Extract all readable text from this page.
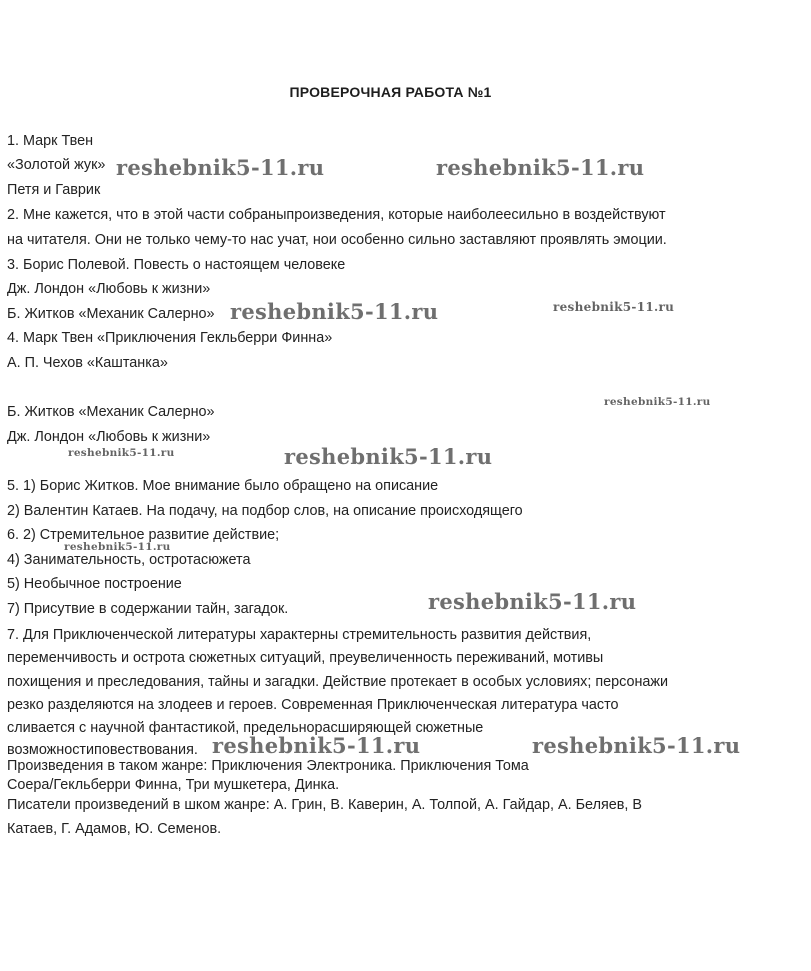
ПРОВЕРОЧНАЯ РАБОТА №1
1. Марк Твен
«Золотой жук»
Петя и Гаврик
2. Мне кажется, что в этой части собраныпроизведения, которые наиболеесильно в воздействуют
на читателя. Они не только чему-то нас учат, нои особенно сильно заставляют проявлять эмоции.
3. Борис Полевой. Повесть о настоящем человеке
Дж. Лондон «Любовь к жизни»
Б. Житков «Механик Салерно»
4. Марк Твен «Приключения Гекльберри Финна»
А. П. Чехов «Каштанка»
Б. Житков «Механик Салерно»
Дж. Лондон «Любовь к жизни»
5. 1) Борис Житков. Мое внимание было обращено на описание
2) Валентин Катаев. На подачу, на подбор слов, на описание происходящего
6. 2) Стремительное развитие действие;
4) Занимательность, остротасюжета
5) Необычное построение
7) Присутвие в содержании тайн, загадок.
7. Для Приключенческой литературы характерны стремительность развития действия,
переменчивость и острота сюжетных ситуаций, преувеличенность переживаний, мотивы
похищения и преследования, тайны и загадки. Действие протекает в особых условиях; персонажи
резко разделяются на злодеев и героев. Современная Приключенческая литература часто
сливается с научной фантастикой, предельнорасширяющей сюжетные
возможностиповествования.
Произведения в таком жанре: Приключения Электроника. Приключения Тома
Соера/Гекльберри Финна, Три мушкетера, Динка.
Писатели произведений в шком жанре: А. Грин, В. Каверин, А. Толпой, А. Гайдар, А. Беляев, В
Катаев, Г. Адамов, Ю. Семенов.
reshebnik5-11.ru	reshebnik5-11.ru
reshebnik5-11.ru	reshebnik5-11.ru
reshebnik5-11.ru
reshebnik5-11.ru	reshebnik5-11.ru
reshebnik5-11.ru
reshebnik5-11.ru
reshebnik5-11.ru	reshebnik5-11.ru
